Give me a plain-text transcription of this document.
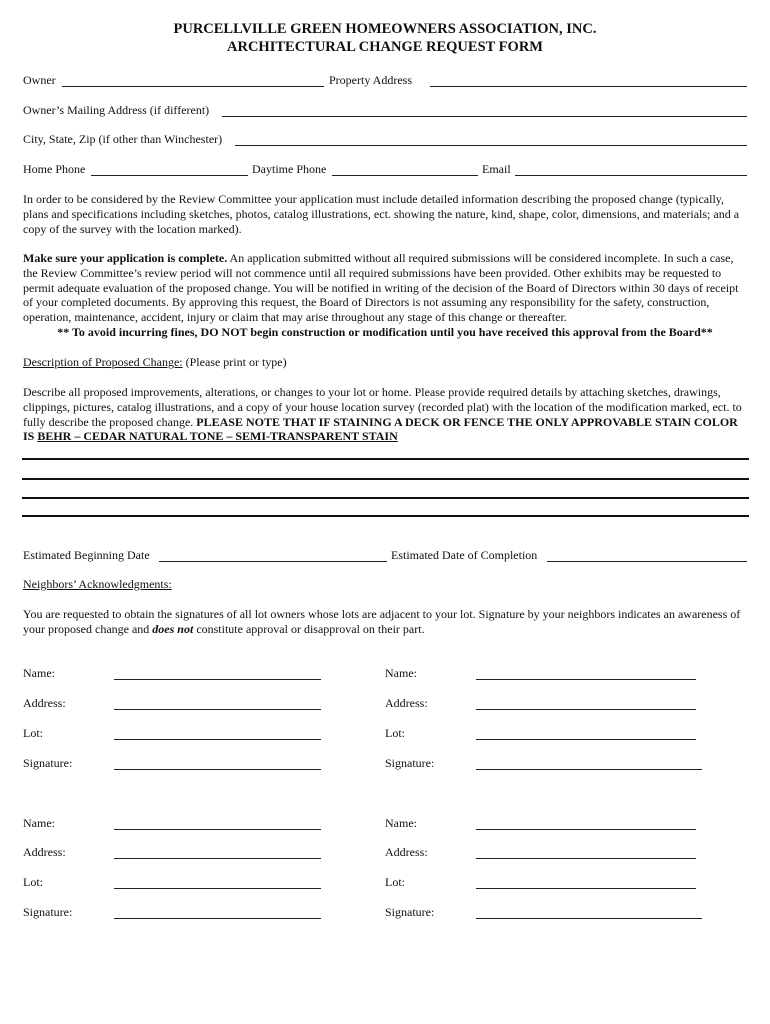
PURCELLVILLE GREEN HOMEOWNERS ASSOCIATION, INC.
ARCHITECTURAL CHANGE REQUEST FORM
Owner	Property Address
Owner’s Mailing Address (if different)
City, State, Zip (if other than Winchester)
Home Phone	Daytime Phone	Email
In order to be considered by the Review Committee your application must include detailed information describing the proposed change (typically, plans and specifications including sketches, photos, catalog illustrations, ect. showing the nature, kind, shape, color, dimensions, and materials; and a copy of the survey with the location marked).
Make sure your application is complete. An application submitted without all required submissions will be considered incomplete. In such a case, the Review Committee’s review period will not commence until all required submissions have been provided. Other exhibits may be requested to permit adequate evaluation of the proposed change. You will be notified in writing of the decision of the Board of Directors within 30 days of receipt of your completed documents. By approving this request, the Board of Directors is not assuming any responsibility for the safety, construction, operation, maintenance, accident, injury or claim that may arise throughout any stage of this change or thereafter.
** To avoid incurring fines, DO NOT begin construction or modification until you have received this approval from the Board**
Description of Proposed Change: (Please print or type)
Describe all proposed improvements, alterations, or changes to your lot or home. Please provide required details by attaching sketches, drawings, clippings, pictures, catalog illustrations, and a copy of your house location survey (recorded plat) with the location of the modification marked, ect. to fully describe the proposed change. PLEASE NOTE THAT IF STAINING A DECK OR FENCE THE ONLY APPROVABLE STAIN COLOR IS BEHR – CEDAR NATURAL TONE – SEMI-TRANSPARENT STAIN
Estimated Beginning Date	Estimated Date of Completion
Neighbors’ Acknowledgments:
You are requested to obtain the signatures of all lot owners whose lots are adjacent to your lot. Signature by your neighbors indicates an awareness of your proposed change and does not constitute approval or disapproval on their part.
Name:
Address:
Lot:
Signature:
Name:
Address:
Lot:
Signature:
Name:
Address:
Lot:
Signature:
Name:
Address:
Lot:
Signature:
